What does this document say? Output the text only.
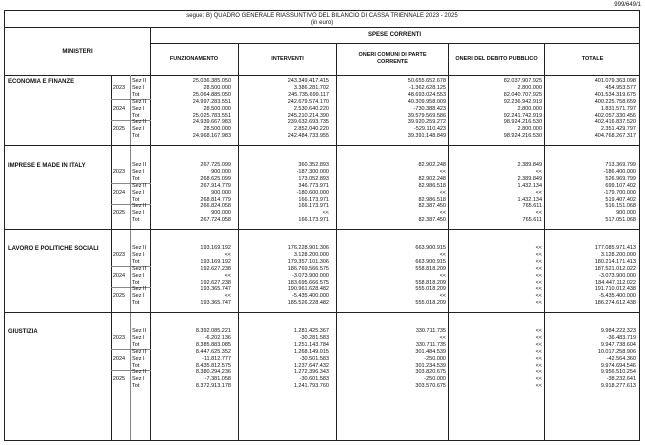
999/649/1
segue: B) QUADRO GENERALE RIASSUNTIVO DEL BILANCIO DI CASSA TRIENNALE 2023 - 2025
(in euro)
MINISTERI
SPESE CORRENTI
FUNZIONAMENTO	INTERVENTI
ONERI COMUNI DI PARTE
CORRENTE
ONERI DEL DEBITO PUBBLICO	TOTALE
ECONOMIA E FINANZE	Sez II	25.036.385.050	243.349.417.415	50.655.652.678	82.037.907.925	401.079.363.098
2023 Sez I	28.500.000	3.386.281.702	-1.362.628.125	2.800.000	454.953.577
Tot	25.064.885.050	245.735.699.117	48.693.024.553	82.040.707.925	401.534.319.675
Sez II	24.997.283.551	242.679.574.170	40.309.958.009	92.236.942.919	400.225.758.659
2024 Sez I	28.500.000	2.530.640.220	-730.388.423	2.800.000	1.831.571.797
Tot	25.025.783.551	245.210.214.390	39.579.569.586	92.241.742.919	402.057.330.456
Sez II	24.939.667.983	239.632.693.735	39.920.259.272	98.924.216.530	402.416.837.520
2025 Sez I	28.500.000	2.852.040.220	-529.110.423	2.800.000	2.351.429.797
Tot	24.968.167.983	242.484.733.955	39.391.148.849	98.924.216.530	404.768.267.317
IMPRESE E MADE IN ITALY	Sez II	267.725.099	360.352.893	82.902.248	2.389.849	713.369.799
2023 Sez I	900.000	-187.300.000	<<	<<	-186.400.000
Tot	268.625.099	173.052.893	82.902.248	2.389.849	526.969.799
Sez II	267.914.779	346.773.971	82.986.518	1.432.134	699.107.402
2024 Sez I	900.000	-180.600.000	<<	<<	-179.700.000
Tot	268.814.779	166.173.971	82.986.518	1.432.134	519.407.402
Sez II	266.824.058	166.173.971	82.387.450	765.611	516.151.068
2025 Sez I	900.000	<<	<<	<<	900.000
Tot	267.724.058	166.173.971	82.387.450	765.611	517.051.068
LAVORO E POLITICHE SOCIALI	Sez II	193.169.192	176.228.901.306	663.900.915	<<	177.085.971.413
2023 Sez I	<<	3.128.200.000	<<	<<	3.128.200.000
Tot	193.169.192	179.357.101.306	663.900.915	<<	180.214.171.413
Sez II	192.627.238	186.769.566.575	558.818.209	<<	187.521.012.022
2024 Sez I	<<	-3.073.900.000	<<	<<	-3.073.900.000
Tot	192.627.238	183.695.666.575	558.818.209	<<	184.447.112.022
Sez II	193.365.747	190.961.628.482	555.018.209	<<	191.710.012.438
2025 Sez I	<<	-5.435.400.000	<<	<<	-5.435.400.000
Tot	193.365.747	185.526.228.482	555.018.209	<<	186.274.612.438
GIUSTIZIA	Sez II	8.392.085.221	1.281.425.367	330.711.735	<<	9.984.222.323
2023 Sez I	-6.202.136	-30.281.583	<<	<<	-36.483.719
Tot	8.385.883.085	1.251.143.784	330.711.735	<<	9.947.738.604
Sez II	8.447.625.352	1.268.149.015	301.484.539	<<	10.017.258.906
2024 Sez I	-11.812.777	-30.501.583	-250.000	<<	-42.564.360
Tot	8.435.812.575	1.237.647.432	301.234.539	<<	9.974.694.546
Sez II	8.380.294.236	1.272.396.343	303.820.675	<<	9.956.510.254
2025 Sez I	-7.381.058	-30.601.583	-250.000	<<	-38.232.641
Tot	8.372.913.178	1.241.793.760	303.570.675	<<	9.918.277.613
